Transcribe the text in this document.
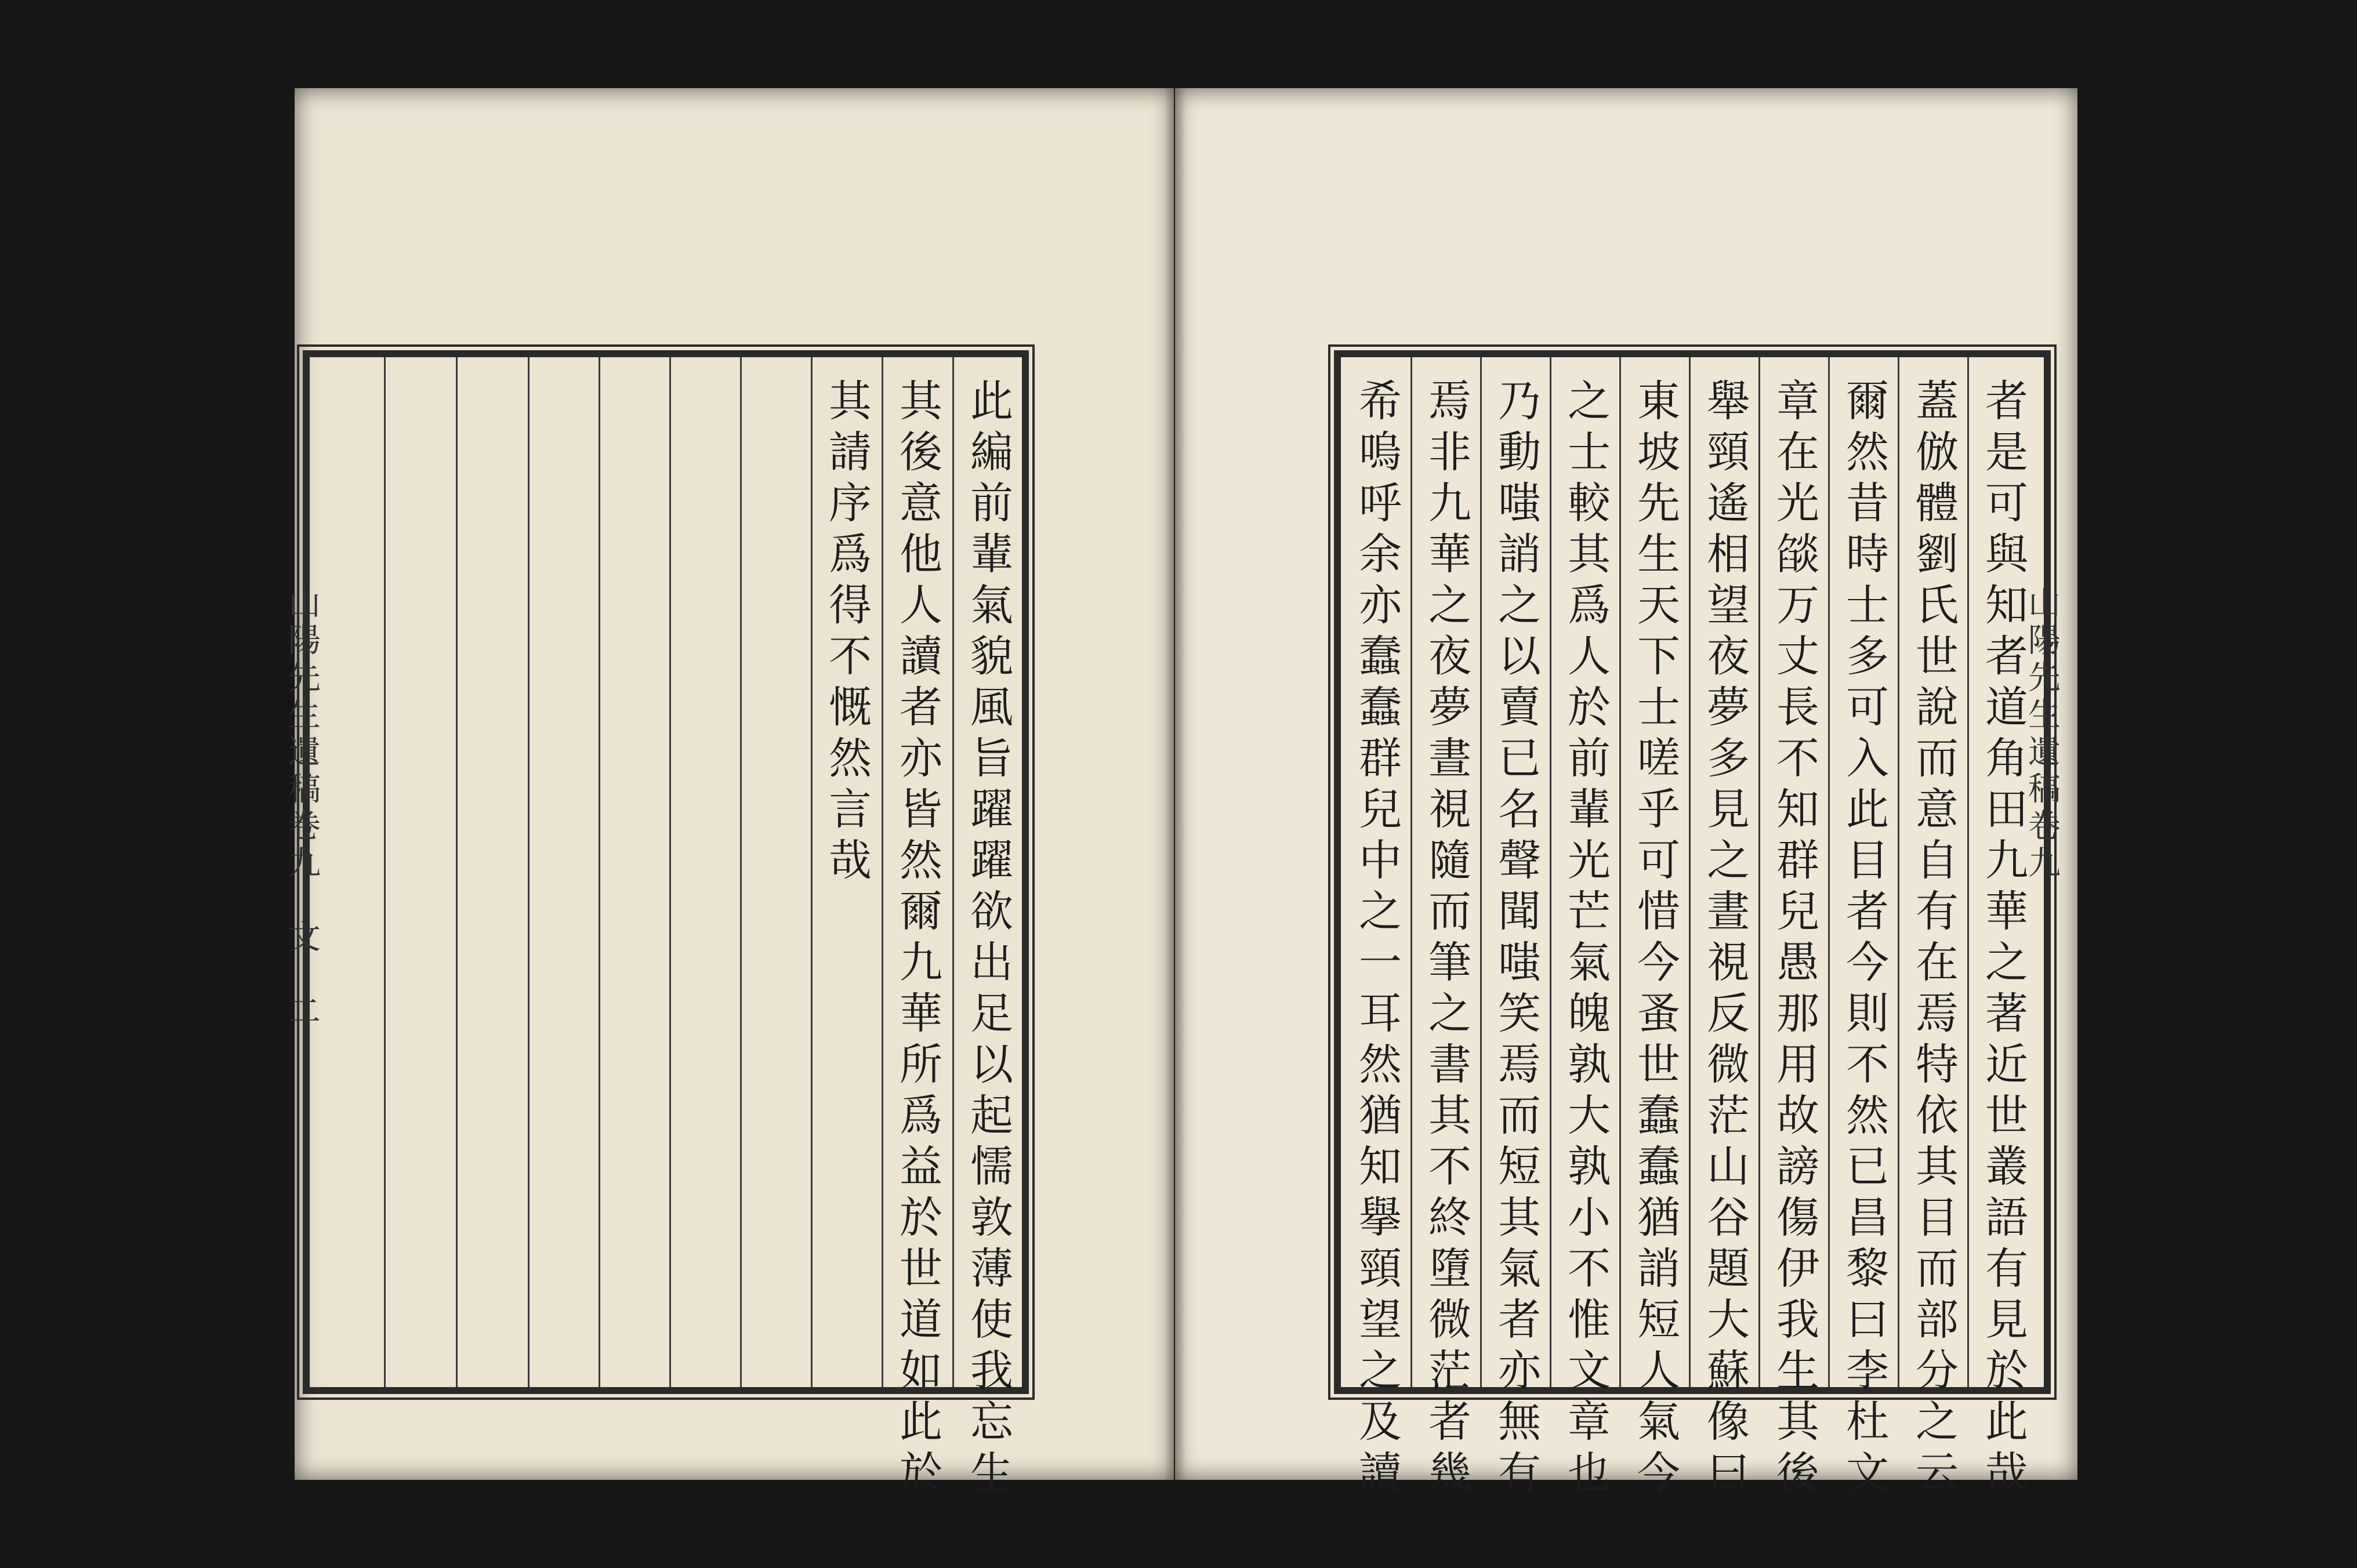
此編前輩氣貌風旨躍躍欲出足以起懦敦薄使我忘生
其後意他人讀者亦皆然爾九華所爲益於世道如此於
其請序爲得不慨然言哉	者是可與知者道角田九華之著近世叢語有見於此哉
蓋倣體劉氏世說而意自有在焉特依其目而部分之云
爾然昔時士多可入此目者今則不然已昌黎曰李杜文
章在光燄万丈長不知群兒愚那用故謗傷伊我生其後
舉頸遙相望夜夢多見之晝視反微茫山谷題大蘇像曰
東坡先生天下士嗟乎可惜今蚤世蠢蠢猶誚短人氣今
之士較其爲人於前輩光芒氣魄孰大孰小不惟文章也
乃動嗤誚之以賣已名聲聞嗤笑焉而短其氣者亦無有
焉非九華之夜夢晝視隨而筆之書其不終墮微茫者幾
希嗚呼余亦蠢蠢群兒中之一耳然猶知擧頸望之及讀
山陽先生遺稿卷九　文　二	山陽先生遺稿卷九
